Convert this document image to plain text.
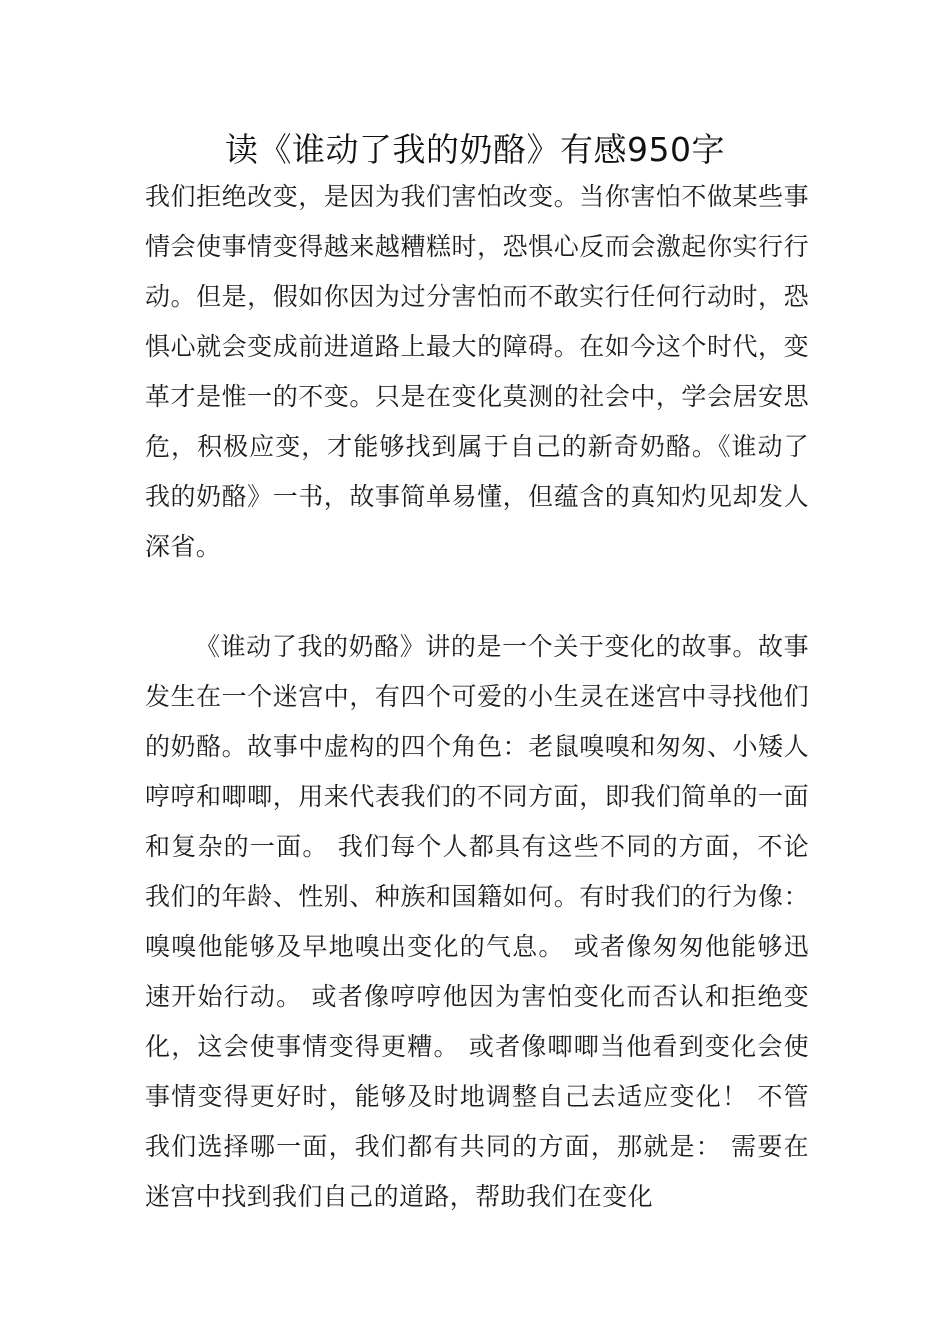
读《谁动了我的奶酪》有感950字

我们拒绝改变，是因为我们害怕改变。当你害怕不做某些事情会使事情变得越来越糟糕时，恐惧心反而会激起你实行行动。但是，假如你因为过分害怕而不敢实行任何行动时，恐惧心就会变成前进道路上最大的障碍。在如今这个时代，变革才是惟一的不变。只是在变化莫测的社会中，学会居安思危，积极应变，才能够找到属于自己的新奇奶酪。《谁动了我的奶酪》一书，故事简单易懂，但蕴含的真知灼见却发人深省。

《谁动了我的奶酪》讲的是一个关于变化的故事。故事发生在一个迷宫中，有四个可爱的小生灵在迷宫中寻找他们的奶酪。故事中虚构的四个角色：老鼠嗅嗅和匆匆、小矮人哼哼和唧唧，用来代表我们的不同方面，即我们简单的一面和复杂的一面。 我们每个人都具有这些不同的方面，不论我们的年龄、性别、种族和国籍如何。有时我们的行为像：嗅嗅他能够及早地嗅出变化的气息。 或者像匆匆他能够迅速开始行动。 或者像哼哼他因为害怕变化而否认和拒绝变化，这会使事情变得更糟。 或者像唧唧当他看到变化会使事情变得更好时，能够及时地调整自己去适应变化！ 不管我们选择哪一面，我们都有共同的方面，那就是： 需要在迷宫中找到我们自己的道路，帮助我们在变化
